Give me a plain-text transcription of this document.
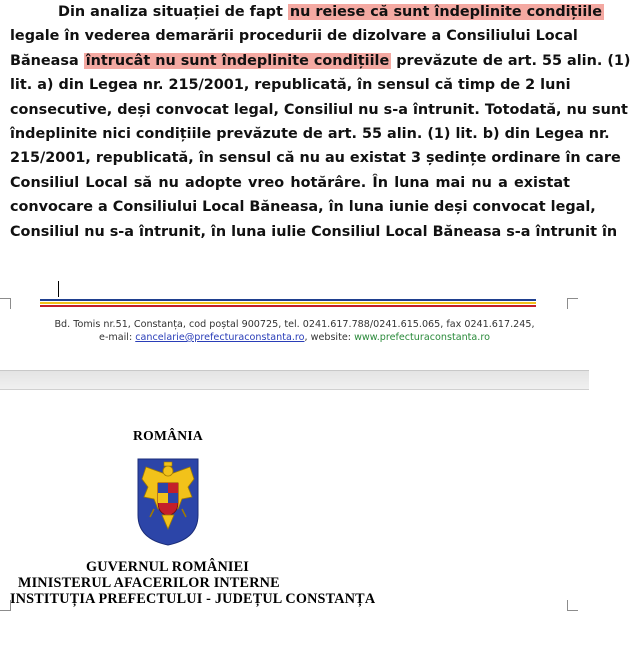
Din analiza situației de fapt nu reiese că sunt îndeplinite condițiile
legale în vederea demarării procedurii de dizolvare a Consiliului Local
Băneasa întrucât nu sunt îndeplinite condițiile prevăzute de art. 55 alin. (1)
lit. a) din Legea nr. 215/2001, republicată, în sensul că timp de 2 luni
consecutive, deși convocat legal, Consiliul nu s-a întrunit. Totodată, nu sunt
îndeplinite nici condițiile prevăzute de art. 55 alin. (1) lit. b) din Legea nr.
215/2001, republicată, în sensul că nu au existat 3 ședințe ordinare în care
Consiliul Local să nu adopte vreo hotărâre. În luna mai nu a existat
convocare a Consiliului Local Băneasa, în luna iunie deși convocat legal,
Consiliul nu s-a întrunit, în luna iulie Consiliul Local Băneasa s-a întrunit în
Bd. Tomis nr.51, Constanța, cod poștal 900725, tel. 0241.617.788/0241.615.065, fax 0241.617.245,
e-mail: cancelarie@prefecturaconstanta.ro, website: www.prefecturaconstanta.ro
ROMÂNIA
GUVERNUL ROMÂNIEI
MINISTERUL AFACERILOR INTERNE
INSTITUȚIA PREFECTULUI - JUDEȚUL CONSTANȚA
